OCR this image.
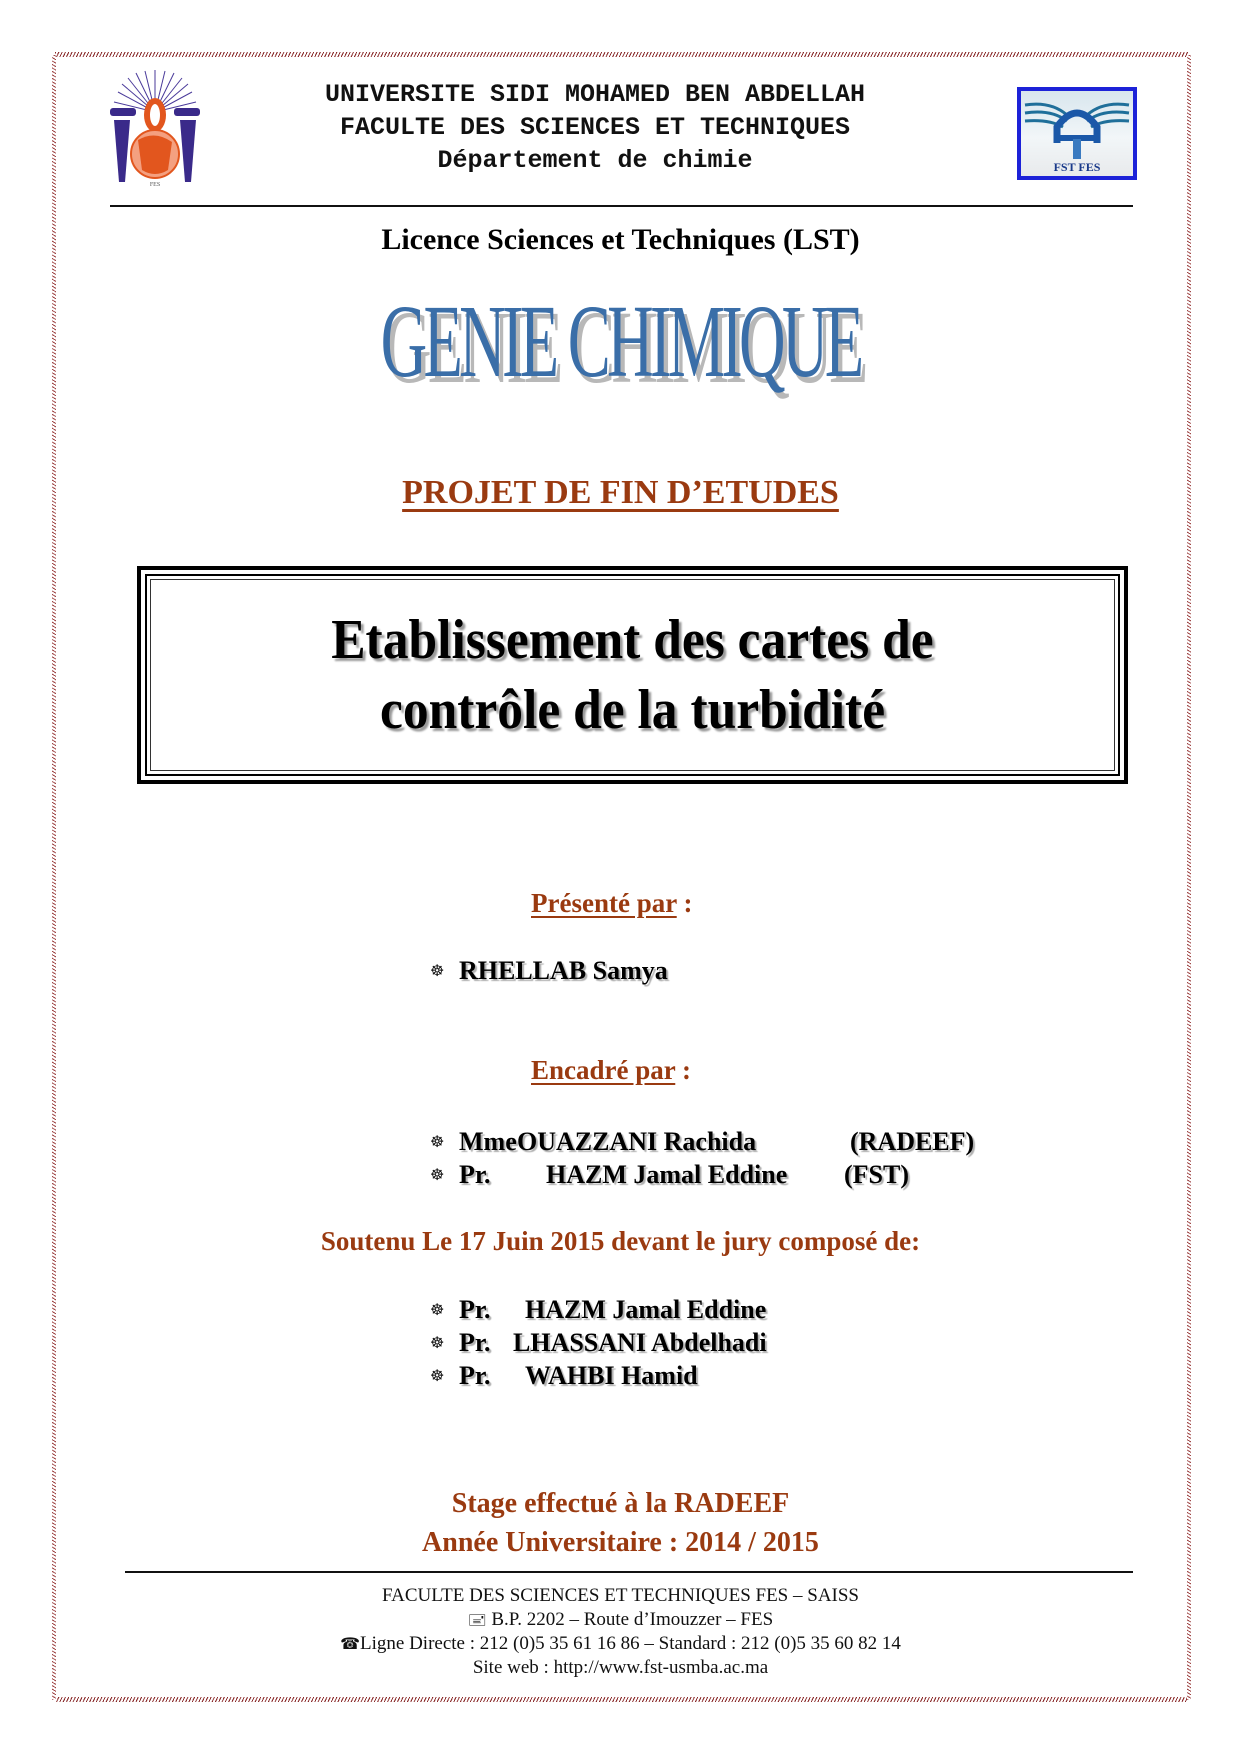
FES
UNIVERSITE SIDI MOHAMED BEN ABDELLAH
FACULTE DES SCIENCES ET TECHNIQUES
Département de chimie	FST FES
Licence Sciences et Techniques (LST)
GENIE CHIMIQUE
PROJET DE FIN D’ETUDES
Etablissement des cartes de
contrôle de la turbidité
Présenté par :
☸ RHELLAB Samya
Encadré par :
☸ Mme OUAZZANI Rachida	(RADEEF)
☸ Pr.	HAZM Jamal Eddine	(FST)
Soutenu Le 17 Juin 2015 devant le jury composé de:
☸ Pr.	HAZM Jamal Eddine
☸ Pr. LHASSANI Abdelhadi
☸ Pr.	WAHBI Hamid
Stage effectué à la RADEEF
Année Universitaire : 2014 / 2015
FACULTE DES SCIENCES ET TECHNIQUES FES – SAISS
🖃 B.P. 2202 – Route d’Imouzzer – FES
☎Ligne Directe : 212 (0)5 35 61 16 86 – Standard : 212 (0)5 35 60 82 14
Site web : http://www.fst-usmba.ac.ma
